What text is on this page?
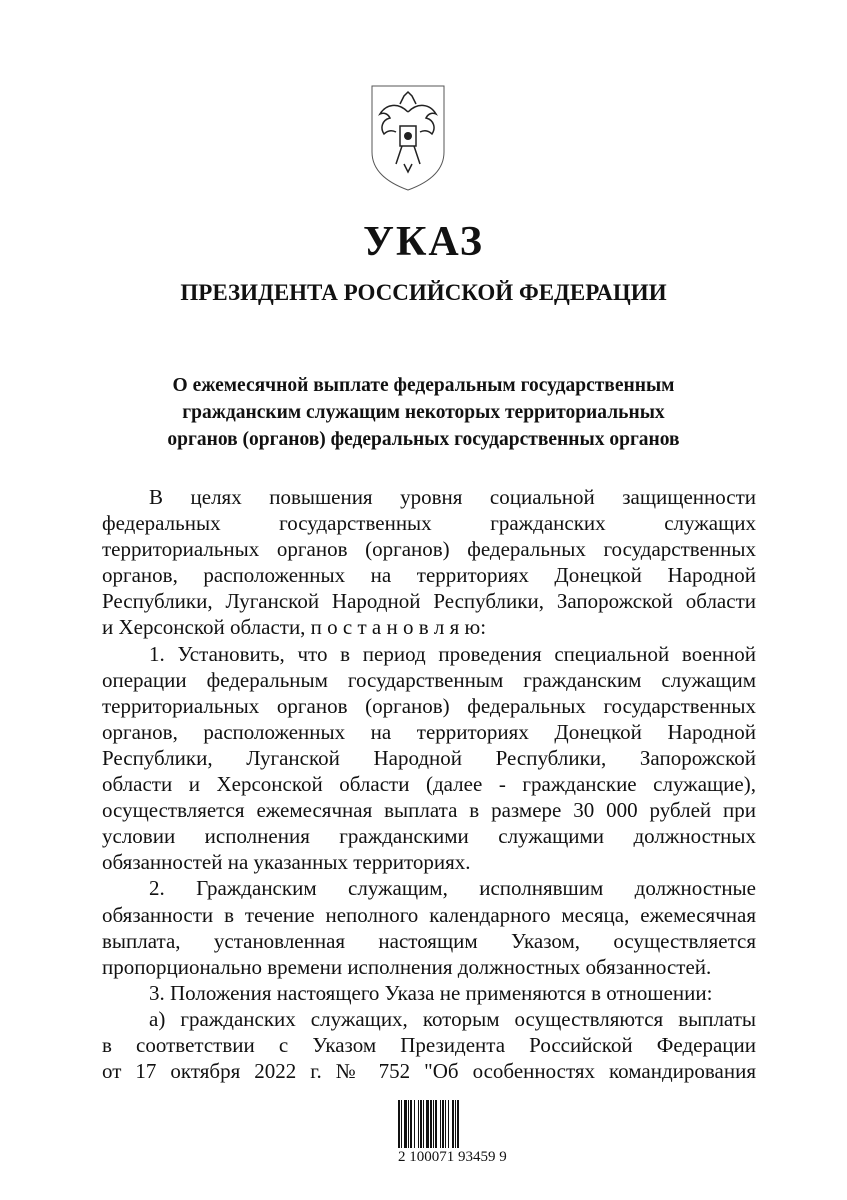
УКАЗ
ПРЕЗИДЕНТА РОССИЙСКОЙ ФЕДЕРАЦИИ
О ежемесячной выплате федеральным государственным
гражданским служащим некоторых территориальных
органов (органов) федеральных государственных органов
В целях повышения уровня социальной защищенности
федеральных государственных гражданских служащих
территориальных органов (органов) федеральных государственных
органов, расположенных на территориях Донецкой Народной
Республики, Луганской Народной Республики, Запорожской области
и Херсонской области, п о с т а н о в л я ю:
1. Установить, что в период проведения специальной военной
операции федеральным государственным гражданским служащим
территориальных органов (органов) федеральных государственных
органов, расположенных на территориях Донецкой Народной
Республики, Луганской Народной Республики, Запорожской
области и Херсонской области (далее - гражданские служащие),
осуществляется ежемесячная выплата в размере 30 000 рублей при
условии исполнения гражданскими служащими должностных
обязанностей на указанных территориях.
2. Гражданским служащим, исполнявшим должностные
обязанности в течение неполного календарного месяца, ежемесячная
выплата, установленная настоящим Указом, осуществляется
пропорционально времени исполнения должностных обязанностей.
3. Положения настоящего Указа не применяются в отношении:
а) гражданских служащих, которым осуществляются выплаты
в соответствии с Указом Президента Российской Федерации
от 17 октября 2022 г. № 752 "Об особенностях командирования
2 100071 93459 9
